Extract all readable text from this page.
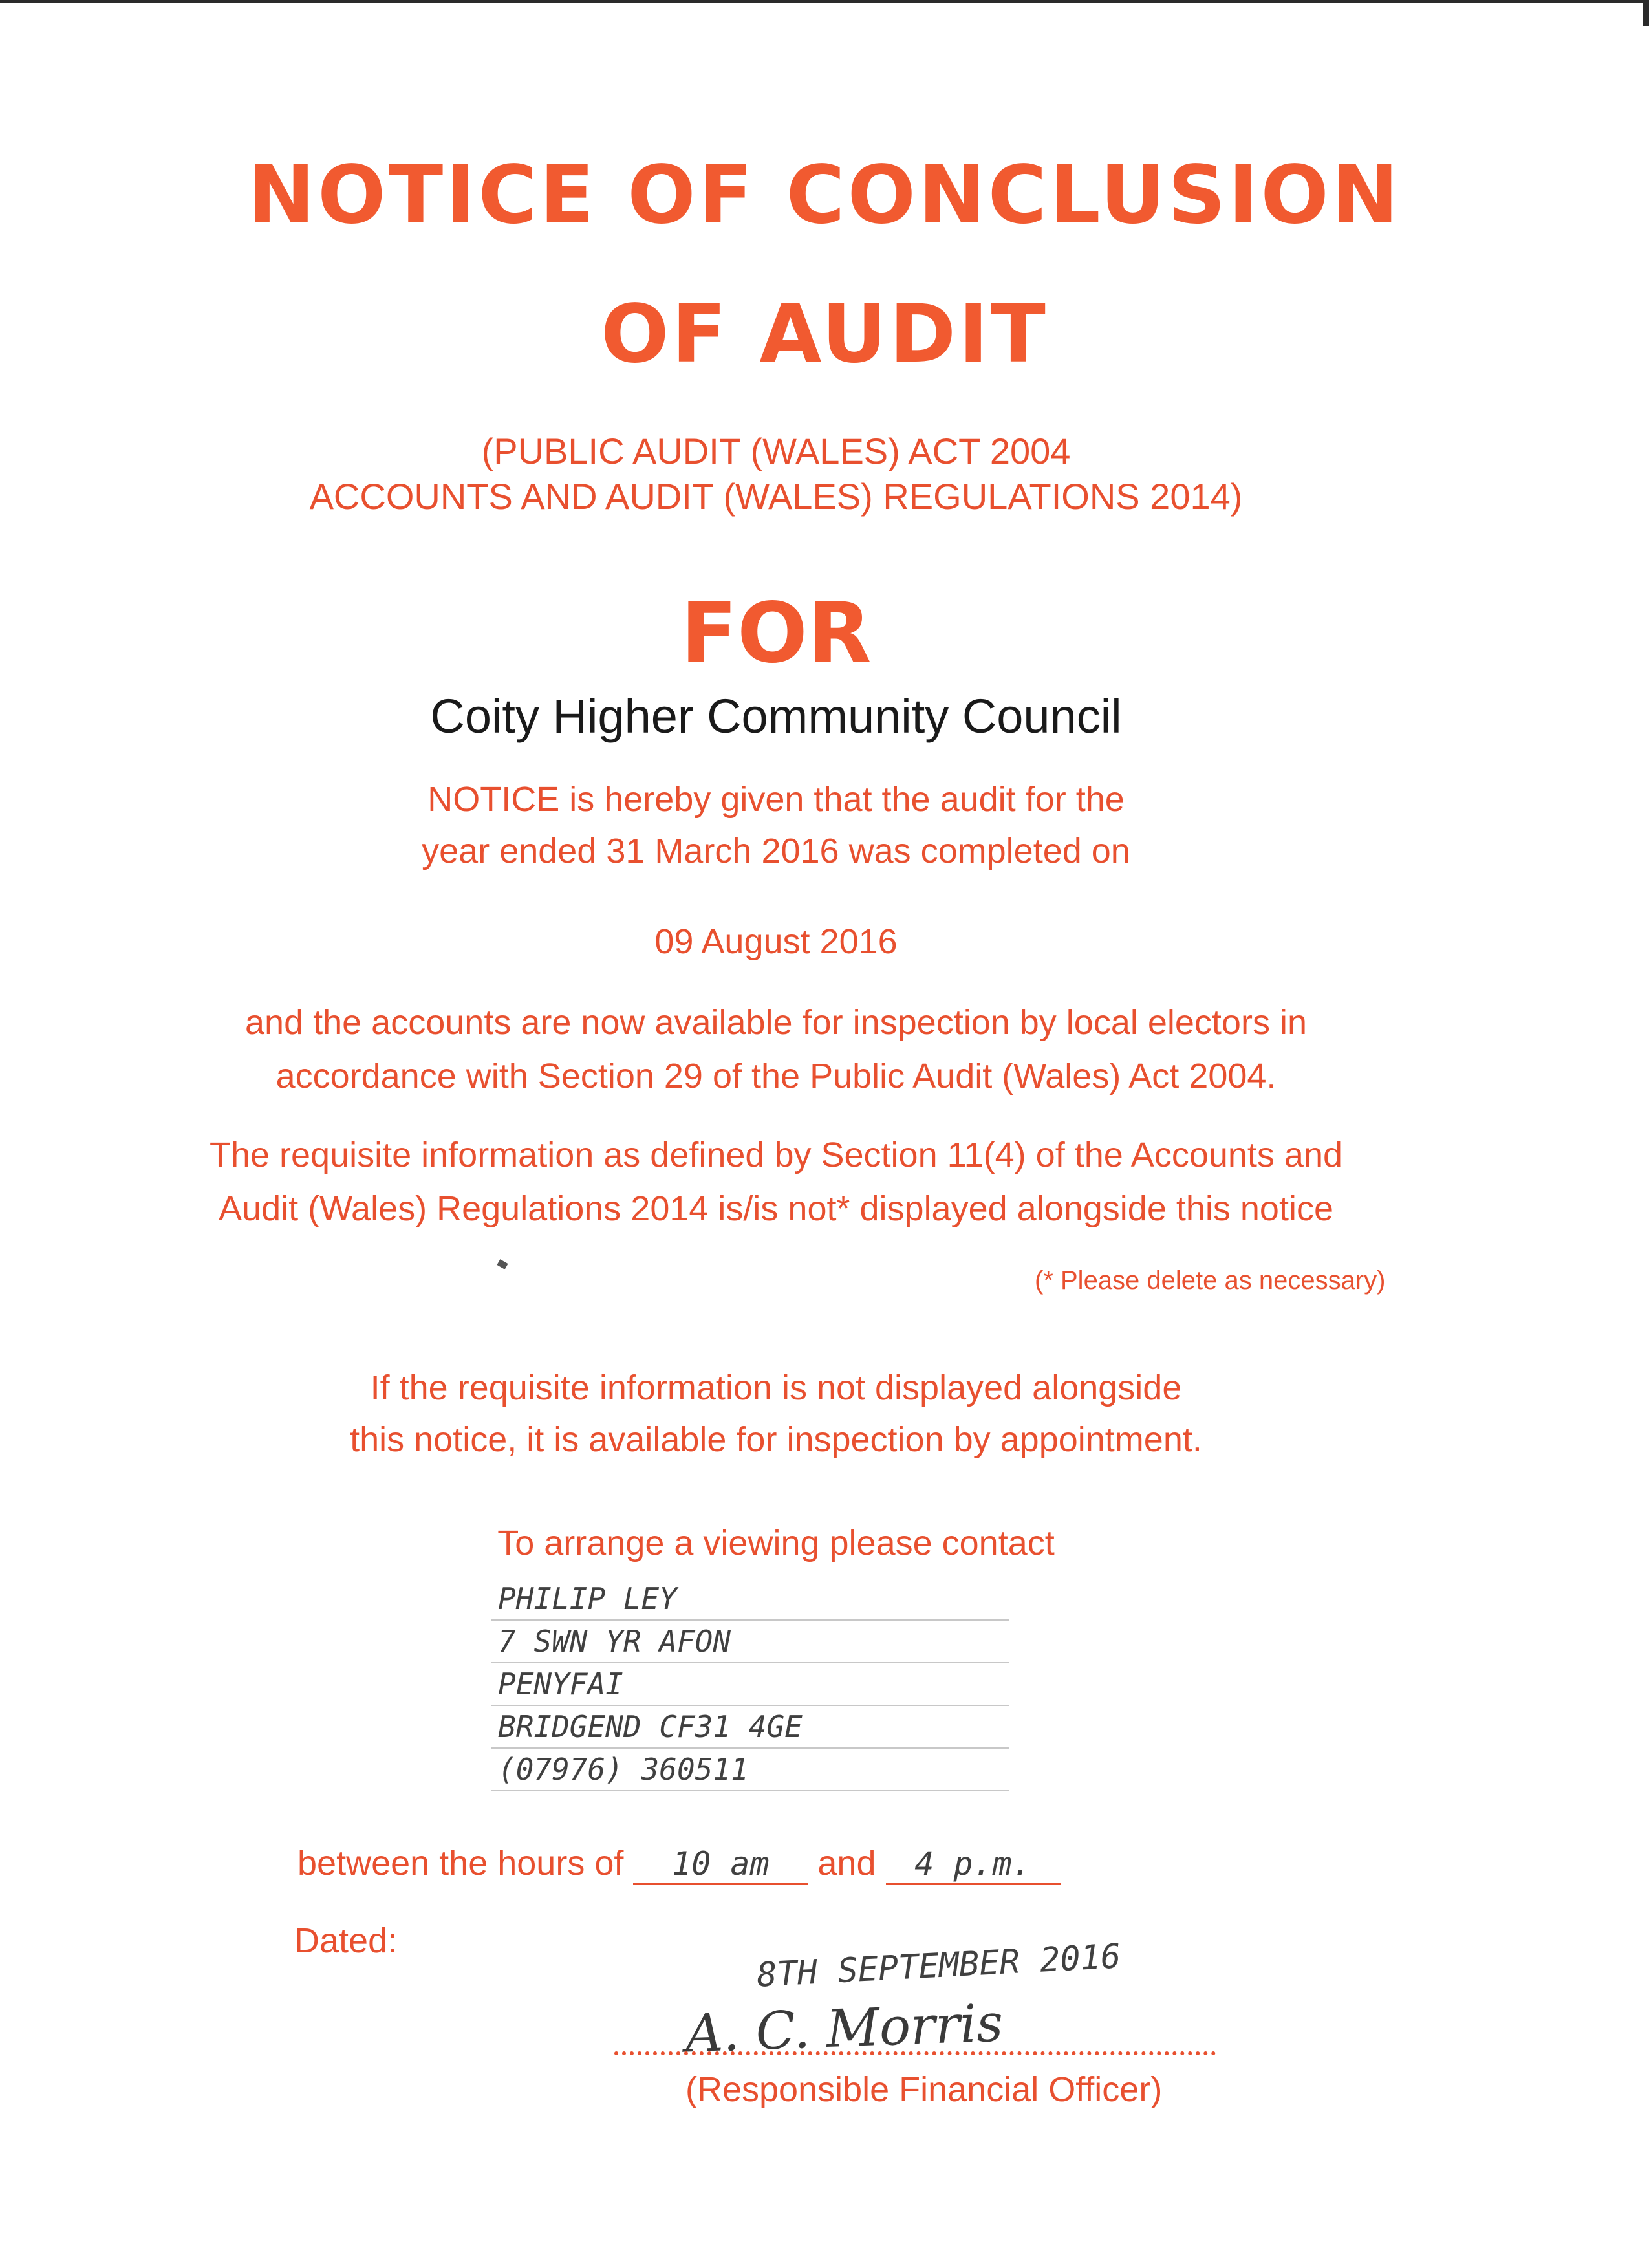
NOTICE OF CONCLUSION
OF AUDIT
(PUBLIC AUDIT (WALES) ACT 2004
ACCOUNTS AND AUDIT (WALES) REGULATIONS 2014)
FOR
Coity Higher Community Council
NOTICE is hereby given that the audit for the
year ended 31 March 2016 was completed on
09 August 2016
and the accounts are now available for inspection by local electors in
accordance with Section 29 of the Public Audit (Wales) Act 2004.
The requisite information as defined by Section 11(4) of the Accounts and
Audit (Wales) Regulations 2014 is/is not* displayed alongside this notice
(* Please delete as necessary)
If the requisite information is not displayed alongside
this notice, it is available for inspection by appointment.
To arrange a viewing please contact
PHILIP LEY
7 SWN YR AFON
PENYFAI
BRIDGEND CF31 4GE
(07976) 360511
between the hours of 10 am and 4 p.m.
Dated:	8TH SEPTEMBER 2016
A. C. Morris
(Responsible Financial Officer)
